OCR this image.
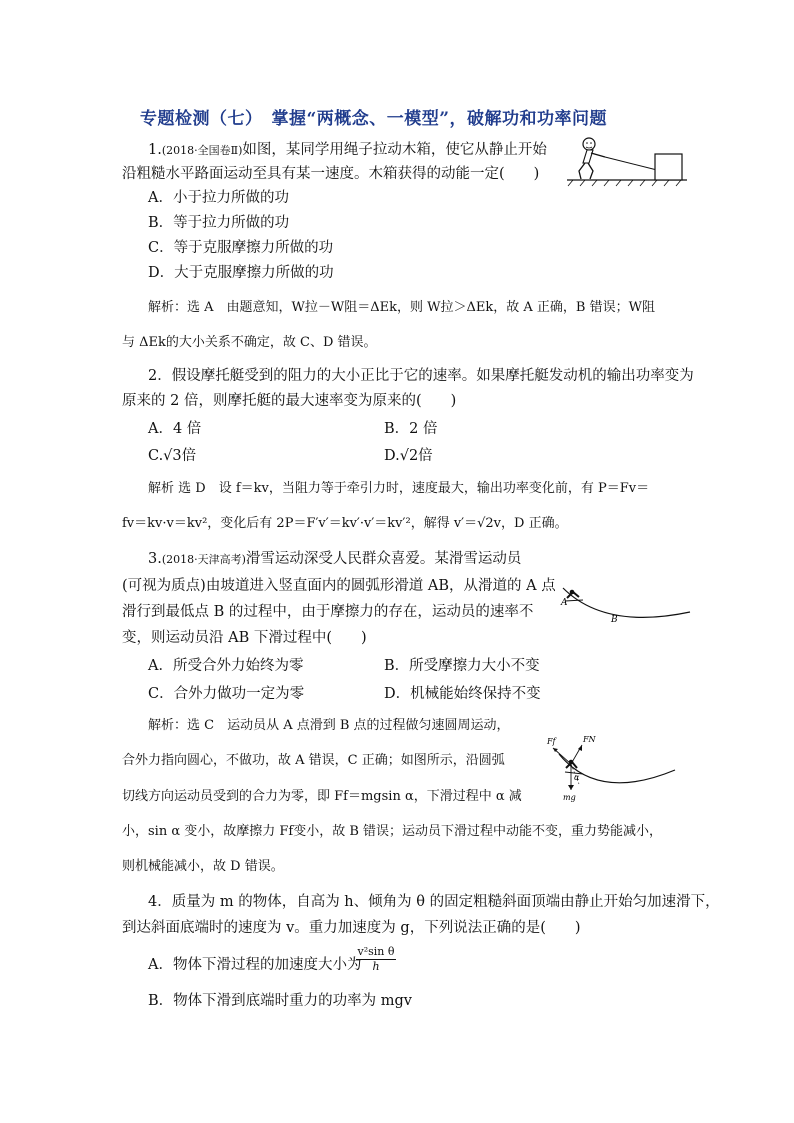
专题检测（七）　掌握“两概念、一模型”，破解功和功率问题
1.(2018·全国卷Ⅱ)如图，某同学用绳子拉动木箱，使它从静止开始
沿粗糙水平路面运动至具有某一速度。木箱获得的动能一定(　　)
A．小于拉力所做的功
B．等于拉力所做的功
C．等于克服摩擦力所做的功
D．大于克服摩擦力所做的功
解析：选 A　由题意知，W拉－W阻＝ΔEk，则 W拉＞ΔEk，故 A 正确，B 错误；W阻
与 ΔEk的大小关系不确定，故 C、D 错误。
2．假设摩托艇受到的阻力的大小正比于它的速率。如果摩托艇发动机的输出功率变为
原来的 2 倍，则摩托艇的最大速率变为原来的(　　)
A．4 倍	B．2 倍
C.√3倍	D.√2倍
解析 选 D　设 f＝kv，当阻力等于牵引力时，速度最大，输出功率变化前，有 P＝Fv＝
fv＝kv·v＝kv²，变化后有 2P＝F′v′＝kv′·v′＝kv′²，解得 v′＝√2v，D 正确。
3.(2018·天津高考)滑雪运动深受人民群众喜爱。某滑雪运动员
(可视为质点)由坡道进入竖直面内的圆弧形滑道 AB，从滑道的 A 点
滑行到最低点 B 的过程中，由于摩擦力的存在，运动员的速率不
变，则运动员沿 AB 下滑过程中(　　)
A．所受合外力始终为零	B．所受摩擦力大小不变
C．合外力做功一定为零	D．机械能始终保持不变
解析：选 C　运动员从 A 点滑到 B 点的过程做匀速圆周运动，
合外力指向圆心，不做功，故 A 错误，C 正确；如图所示，沿圆弧
切线方向运动员受到的合力为零，即 Ff＝mgsin α，下滑过程中 α 减
小，sin α 变小，故摩擦力 Ff变小，故 B 错误；运动员下滑过程中动能不变，重力势能减小，
则机械能减小，故 D 错误。
A
B
Ff	FN
α
mg
4．质量为 m 的物体，自高为 h、倾角为 θ 的固定粗糙斜面顶端由静止开始匀加速滑下，
到达斜面底端时的速度为 v。重力加速度为 g，下列说法正确的是(　　)
A．物体下滑过程的加速度大小为
$\frac{\text{v²sin θ}}{h}$
B．物体下滑到底端时重力的功率为 mgv
